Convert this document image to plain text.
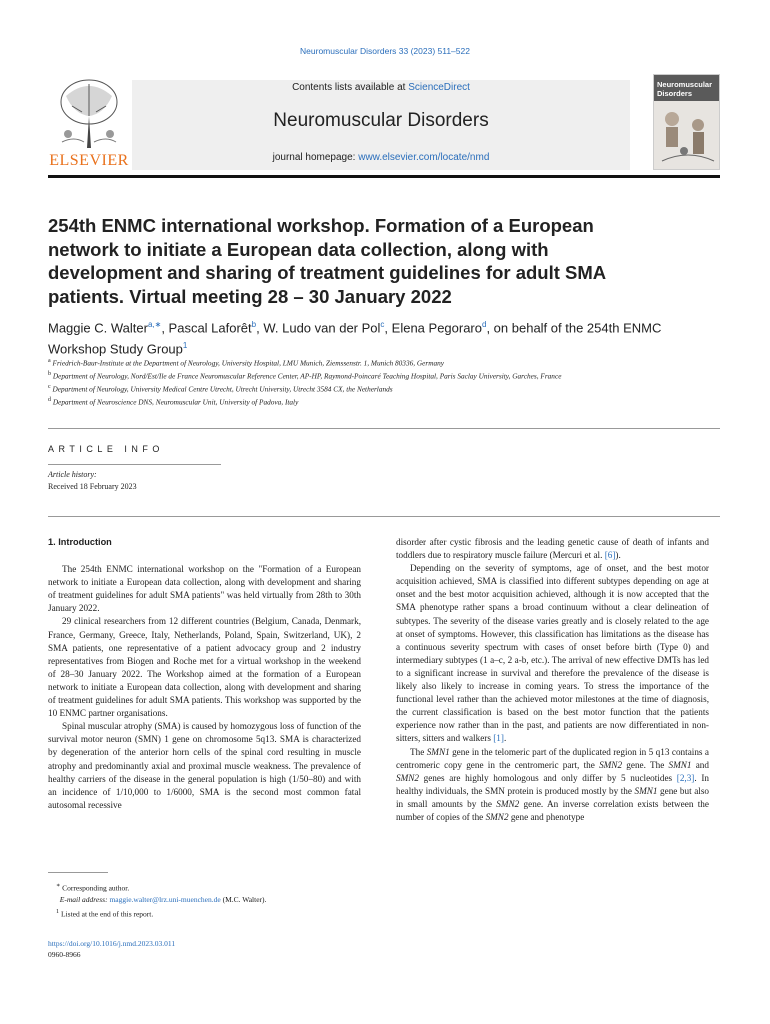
Neuromuscular Disorders 33 (2023) 511–522
ELSEVIER
Contents lists available at ScienceDirect
Neuromuscular Disorders
journal homepage: www.elsevier.com/locate/nmd
Neuromuscular Disorders
254th ENMC international workshop. Formation of a European network to initiate a European data collection, along with development and sharing of treatment guidelines for adult SMA patients. Virtual meeting 28 – 30 January 2022
Maggie C. Walter$^{a,∗}$, Pascal Laforêt$^b$, W. Ludo van der Pol$^c$, Elena Pegoraro$^d$, on behalf of the 254th ENMC Workshop Study Group$^1$
$^a$ Friedrich-Baur-Institute at the Department of Neurology, University Hospital, LMU Munich, Ziemssenstr. 1, Munich 80336, Germany
$^b$ Department of Neurology, Nord/Est/Ile de France Neuromuscular Reference Center, AP-HP, Raymond-Poincaré Teaching Hospital, Paris Saclay University, Garches, France
$^c$ Department of Neurology, University Medical Centre Utrecht, Utrecht University, Utrecht 3584 CX, the Netherlands
$^d$ Department of Neuroscience DNS, Neuromuscular Unit, University of Padova, Italy
ARTICLE INFO
Article history:
Received 18 February 2023
1. Introduction

The 254th ENMC international workshop on the "Formation of a European network to initiate a European data collection, along with development and sharing of treatment guidelines for adult SMA patients" was held virtually from 28th to 30th January 2022.

29 clinical researchers from 12 different countries (Belgium, Canada, Denmark, France, Germany, Greece, Italy, Netherlands, Poland, Spain, Switzerland, UK), 2 SMA patients, one representative of a patient advocacy group and 2 industry representatives from Biogen and Roche met for a virtual workshop in the weekend of 28–30 January 2022. The Workshop aimed at the formation of a European network to initiate a European data collection, along with development and sharing of treatment guidelines for adult SMA patients. This workshop was supported by the 10 ENMC partner organisations.

Spinal muscular atrophy (SMA) is caused by homozygous loss of function of the survival motor neuron (SMN) 1 gene on chromosome 5q13. SMA is characterized by degeneration of the anterior horn cells of the spinal cord resulting in muscle atrophy and predominantly axial and proximal muscle weakness. The prevalence of healthy carriers of the disease in the general population is high (1/50–80) and with an incidence of 1/10,000 to 1/6000, SMA is the second most common fatal autosomal recessive

disorder after cystic fibrosis and the leading genetic cause of death of infants and toddlers due to respiratory muscle failure (Mercuri et al. [6]).

Depending on the severity of symptoms, age of onset, and the best motor acquisition achieved, SMA is classified into different subtypes depending on age at onset and the best motor acquisition achieved, although it is now accepted that the SMA phenotype rather spans a broad continuum without a clear delineation of subtypes. The severity of the disease varies greatly and is closely related to the age at onset of symptoms. However, this classification has limitations as the disease has a continuous severity spectrum with cases of onset before birth (Type 0) and intermediary subtypes (1 a–c, 2 a-b, etc.). The arrival of new effective DMTs has led to a significant increase in survival and therefore the prevalence of the disease is likely also likely to increase in coming years. To stress the importance of the functional level rather than the achieved motor milestones at the time of diagnosis, the current classification is based on the best motor function that the patients experience now rather than in the past, and patients are now differentiated in non-sitters, sitters and walkers [1].

The SMN1 gene in the telomeric part of the duplicated region in 5 q13 contains a centromeric copy gene in the centromeric part, the SMN2 gene. The SMN1 and SMN2 genes are highly homologous and only differ by 5 nucleotides [2,3]. In healthy individuals, the SMN protein is produced mostly by the SMN1 gene but also in small amounts by the SMN2 gene. An inverse correlation exists between the number of copies of the SMN2 gene and phenotype

∗ Corresponding author.
E-mail address: maggie.walter@lrz.uni-muenchen.de (M.C. Walter).
$^1$ Listed at the end of this report.
https://doi.org/10.1016/j.nmd.2023.03.011
0960-8966
